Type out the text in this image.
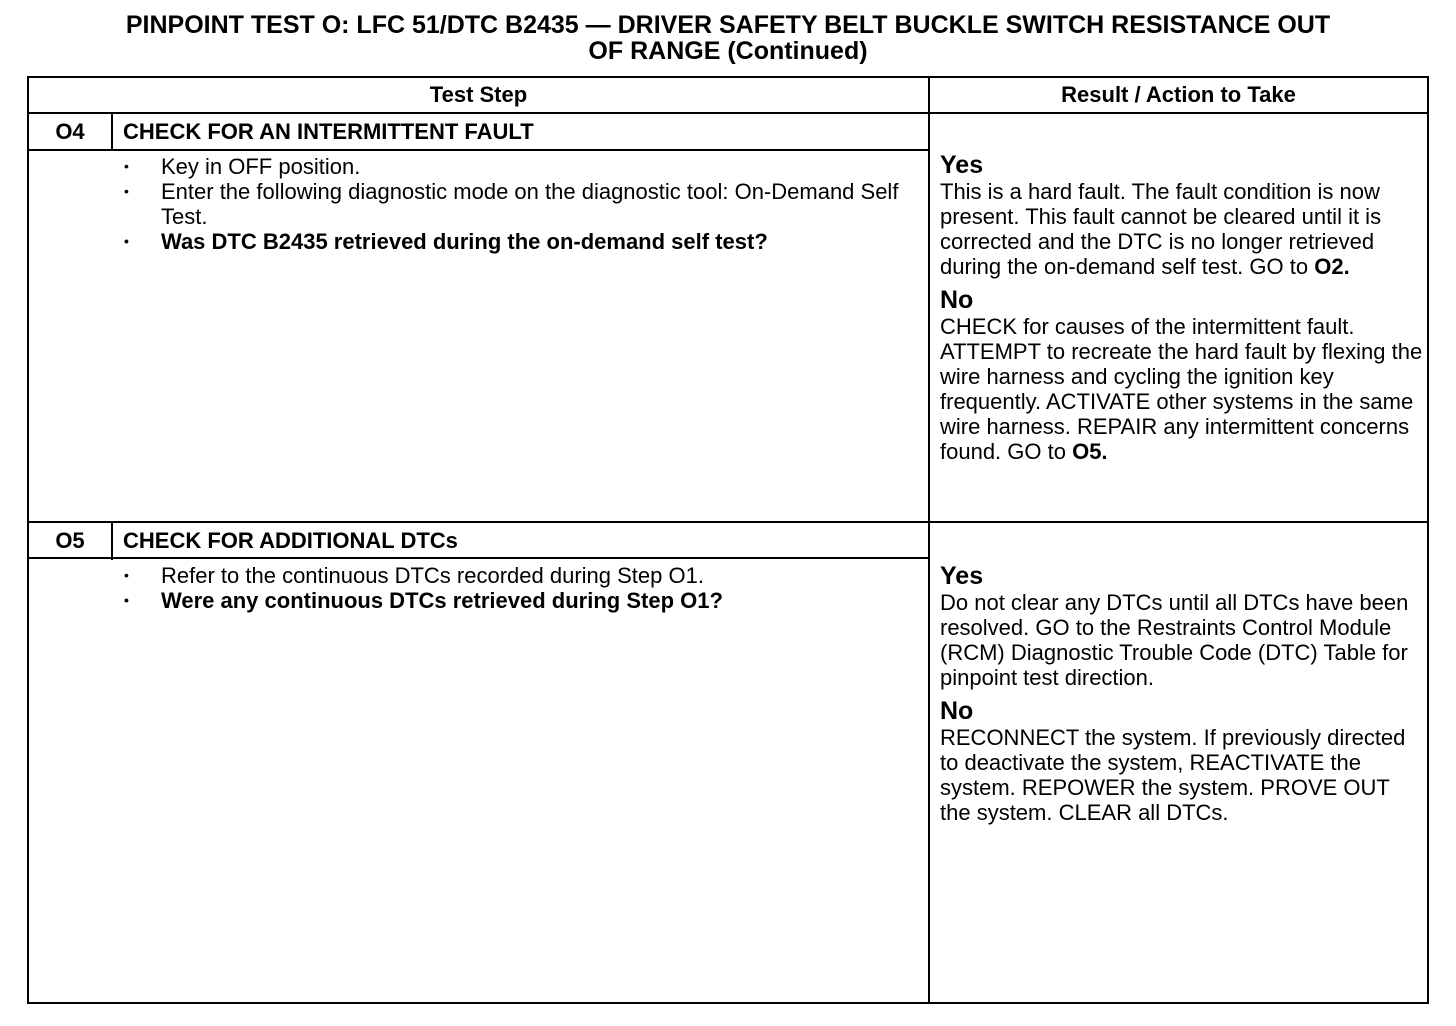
PINPOINT TEST O: LFC 51/DTC B2435 — DRIVER SAFETY BELT BUCKLE SWITCH RESISTANCE OUT
OF RANGE (Continued)
Test Step	Result / Action to Take
O4	CHECK FOR AN INTERMITTENT FAULT
• Key in OFF position.
• Enter the following diagnostic mode on the diagnostic tool: On-Demand Self Test.
• Was DTC B2435 retrieved during the on-demand self test?
Yes
This is a hard fault. The fault condition is now present. This fault cannot be cleared until it is corrected and the DTC is no longer retrieved during the on-demand self test. GO to O2.
No
CHECK for causes of the intermittent fault. ATTEMPT to recreate the hard fault by flexing the wire harness and cycling the ignition key frequently. ACTIVATE other systems in the same wire harness. REPAIR any intermittent concerns found. GO to O5.
O5	CHECK FOR ADDITIONAL DTCs
• Refer to the continuous DTCs recorded during Step O1.
• Were any continuous DTCs retrieved during Step O1?
Yes
Do not clear any DTCs until all DTCs have been resolved. GO to the Restraints Control Module (RCM) Diagnostic Trouble Code (DTC) Table for pinpoint test direction.
No
RECONNECT the system. If previously directed to deactivate the system, REACTIVATE the system. REPOWER the system. PROVE OUT the system. CLEAR all DTCs.
